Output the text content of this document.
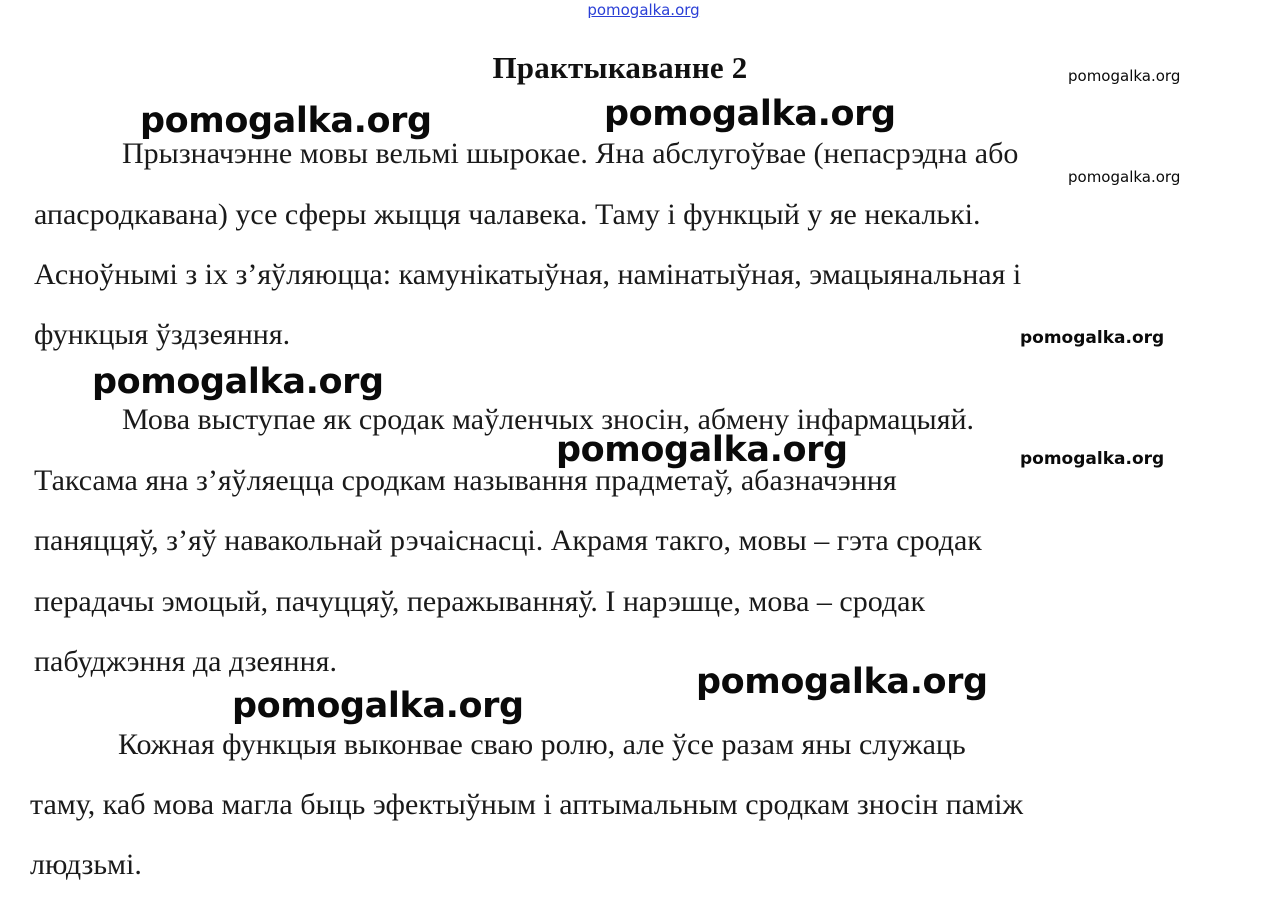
pomogalka.org
Практыкаванне 2
Прызначэнне мовы вельмі шырокае. Яна абслугоўвае (непасрэдна або
апасродкавана) усе сферы жыцця чалавека. Таму і функцый у яе некалькі.
Асноўнымі з іх з’яўляюцца: камунікатыўная, намінатыўная, эмацыянальная і
функцыя ўздзеяння.
Мова выступае як сродак маўленчых зносін, абмену інфармацыяй.
Таксама яна з’яўляецца сродкам называння прадметаў, абазначэння
паняццяў, з’яў навакольнай рэчаіснасці. Акрамя такго, мовы – гэта сродак
перадачы эмоцый, пачуццяў, перажыванняў. І нарэшце, мова – сродак
пабуджэння да дзеяння.
Кожная функцыя выконвае сваю ролю, але ўсе разам яны служаць
таму, каб мова магла быць эфектыўным і аптымальным сродкам зносін паміж
людзьмі.
pomogalka.org	pomogalka.org
pomogalka.org
pomogalka.org
pomogalka.org
pomogalka.org
pomogalka.org
pomogalka.org
pomogalka.org
pomogalka.org
